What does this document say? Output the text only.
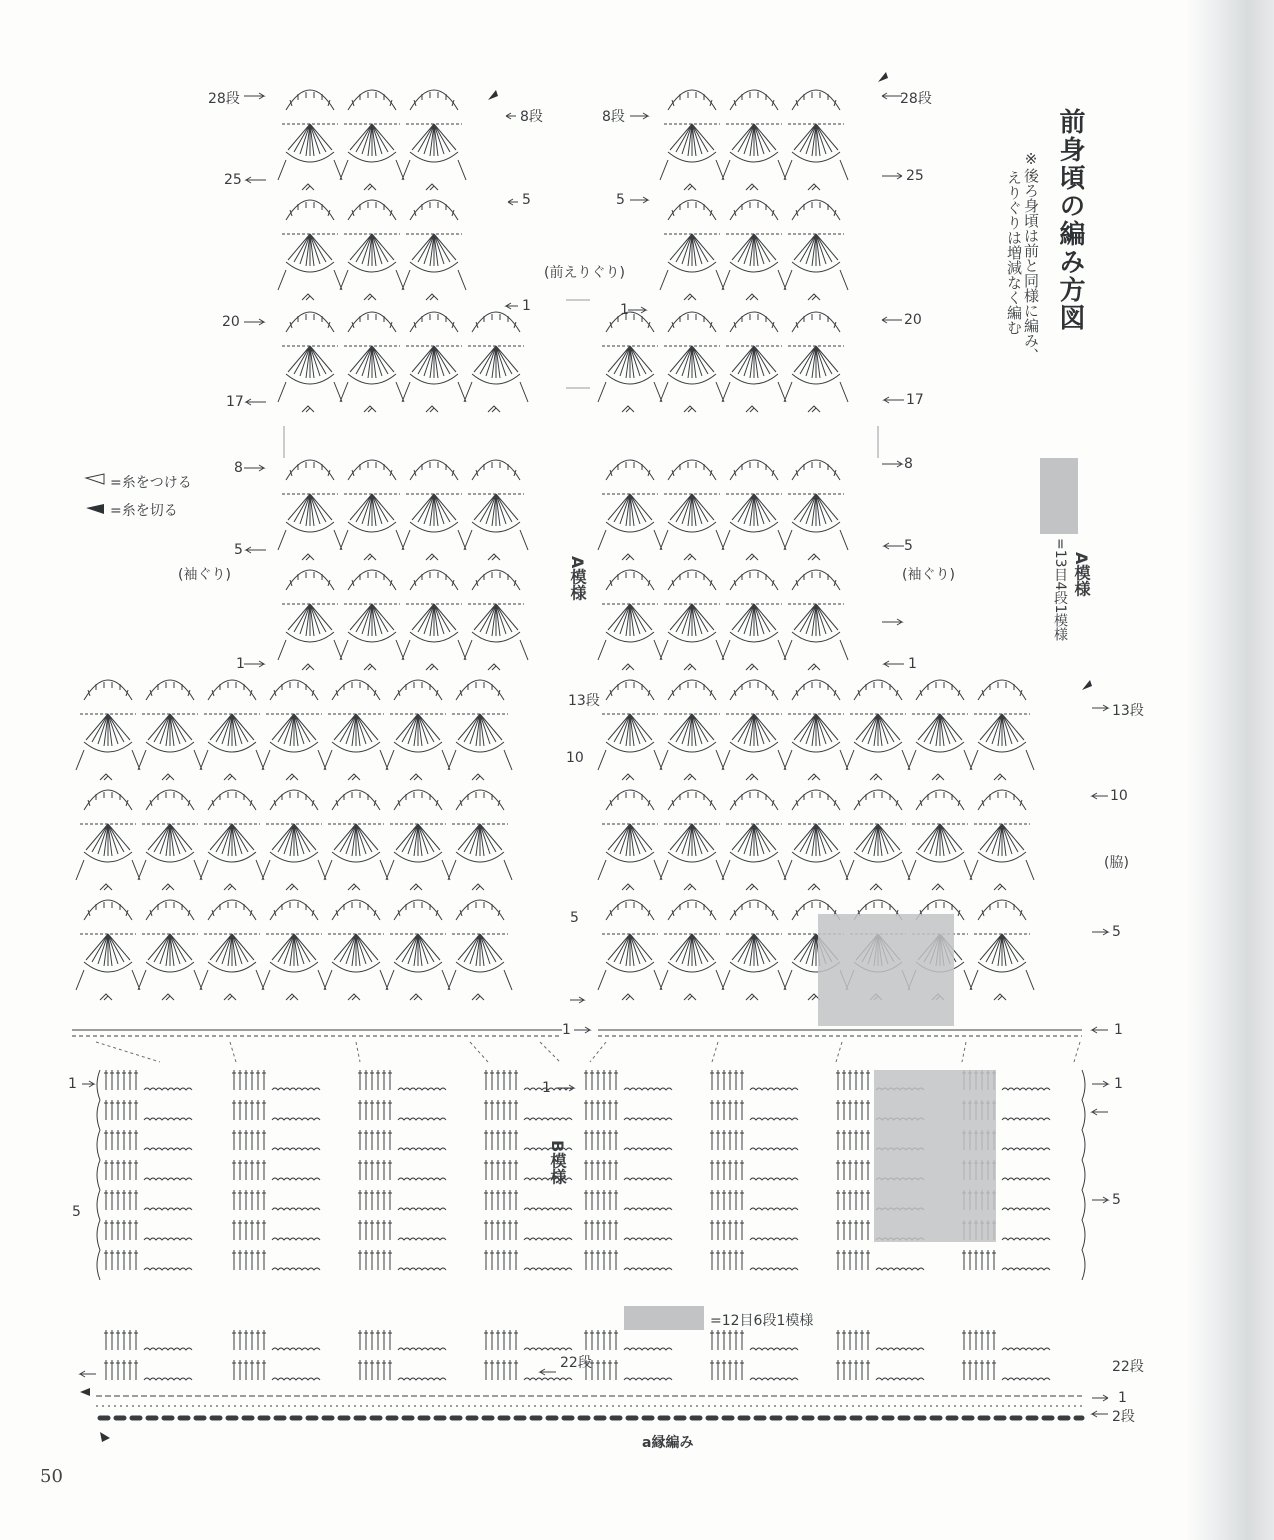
前身頃の編み方図
※後ろ身頃は前と同様に編み、
えりぐりは増減なく編む
=糸をつける
=糸を切る
A模様
=13目4段1模様
A模様
B模様
=12目6段1模様
(前えりぐり)
(袖ぐり)	(袖ぐり)
(脇)
a縁編み
28段
25
20
17
8
5
1
28段
25
20
17
8
5
1
8段
5
1
8段
5
1
13段
10
5
1
13段
10
5
1
1	1	1
5
5
22段	22段
1
2段
50
